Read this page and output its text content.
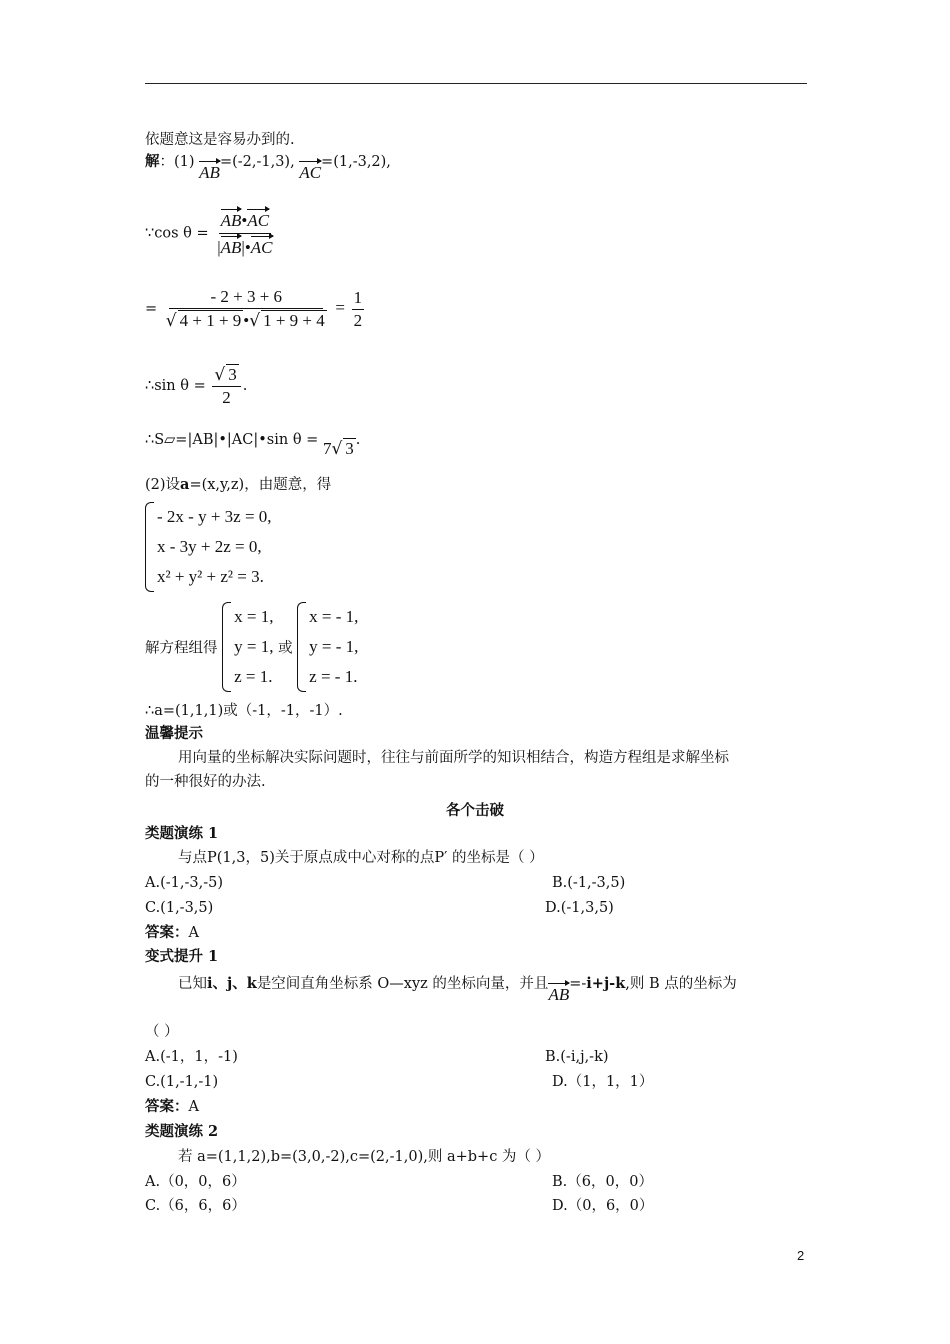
依题意这是容易办到的.
解：(1) AB=(-2,-1,3), AC=(1,-3,2),
∵cos $\theta = \frac{AB•AC}{|AB|•AC}$
= $\frac{- 2 + 3 + 6}{√ 4 + 1 + 9 •√ 1 + 9 + 4} = \frac{1}{2}$
∴sin $\theta = \frac{√ 3}{2}$ .
∴S▱=|AB|•|AC|•sin θ = 7√ 3 .
(2)设a=(x,y,z)，由题意，得
- 2x - y + 3z = 0,
x - 3y + 2z = 0,
x² + y² + z² = 3.
解方程组得
x = 1,
y = 1,
z = 1.
或
x = - 1,
y = - 1,
z = - 1.
∴a=(1,1,1)或（-1，-1，-1）.
温馨提示
用向量的坐标解决实际问题时，往往与前面所学的知识相结合，构造方程组是求解坐标
的一种很好的办法.
各个击破
类题演练 1
与点P(1,3，5)关于原点成中心对称的点P′ 的坐标是（ ）
A.(-1,-3,-5)	B.(-1,-3,5)
C.(1,-3,5)	D.(-1,3,5)
答案：A
变式提升 1
已知i、j、k是空间直角坐标系 O—xyz 的坐标向量，并且AB=-i+j-k,则 B 点的坐标为
（ ）
A.(-1，1，-1)	B.(-i,j,-k)
C.(1,-1,-1)	D.（1，1，1）
答案：A
类题演练 2
若 a=(1,1,2),b=(3,0,-2),c=(2,-1,0),则 a+b+c 为（ ）
A.（0，0，6）	B.（6，0，0）
C.（6，6，6）	D.（0，6，0）
2
